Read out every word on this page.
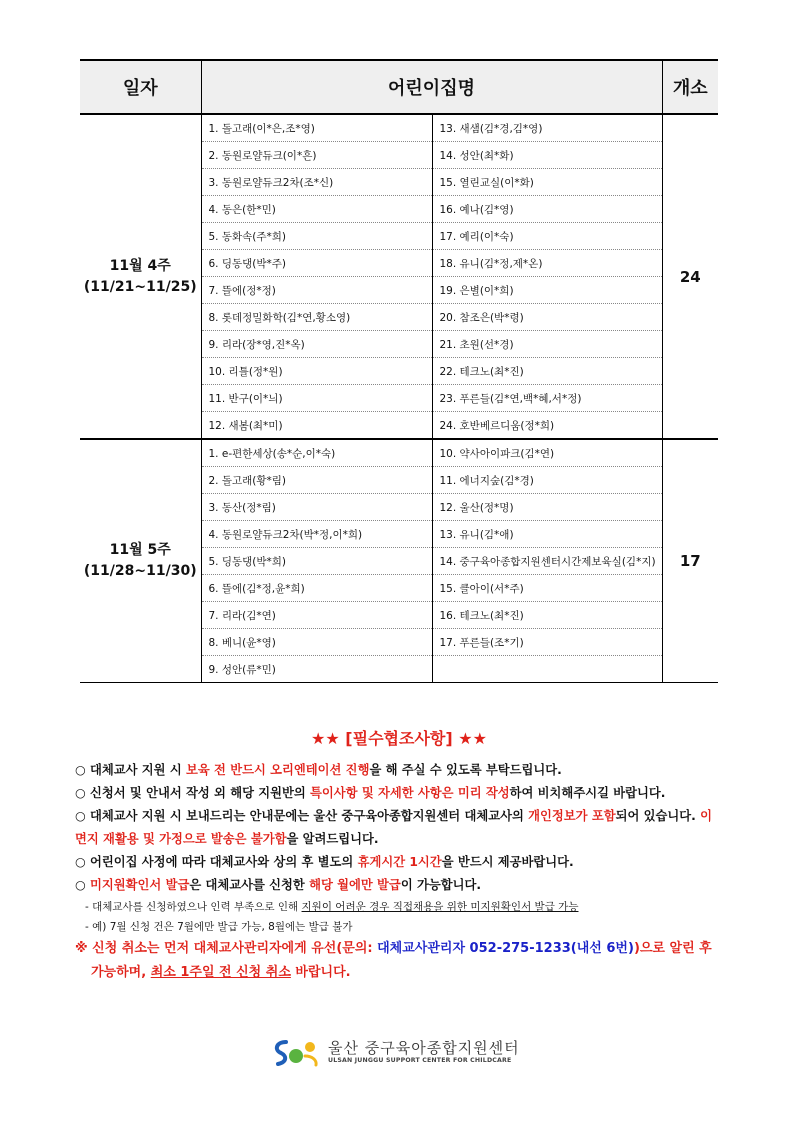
일자	어린이집명		개소

11월 4주
(11/21~11/25)	1. 돌고래(이*은,조*영)	13. 새샘(김*경,김*영)	24
	2. 동원로얄듀크(이*흔)	14. 성안(최*화)	
	3. 동원로얄듀크2차(조*신)	15. 열린교실(이*화)	
	4. 동은(한*민)	16. 예나(김*영)	
	5. 동화속(주*희)	17. 예리(이*숙)	
	6. 딩동댕(박*주)	18. 유니(김*정,제*온)	
	7. 뜰에(정*정)	19. 은별(이*희)	
	8. 롯데정밀화학(김*연,황소영)	20. 참조은(박*령)	
	9. 리라(장*영,진*옥)	21. 초원(선*경)	
	10. 리틀(정*원)	22. 테크노(최*진)	
	11. 반구(이*늬)	23. 푸른들(김*연,백*혜,서*정)	
	12. 새봄(최*미)	24. 호반베르디움(정*희)	

11월 5주
(11/28~11/30)	1. e-편한세상(송*순,이*숙)	10. 약사아이파크(김*연)	17
	2. 돌고래(황*림)	11. 에너지숲(김*경)	
	3. 동산(정*림)	12. 울산(정*명)	
	4. 동원로얄듀크2차(박*정,이*희)	13. 유니(김*애)	
	5. 딩동댕(박*희)	14. 중구육아종합지원센터시간제보육실(김*지)	
	6. 뜰에(김*정,윤*희)	15. 클아이(서*주)	
	7. 리라(김*연)	16. 테크노(최*진)	
	8. 베니(윤*영)	17. 푸른들(조*기)	
	9. 성안(류*민)		
★★ [필수협조사항] ★★

○ 대체교사 지원 시 보육 전 반드시 오리엔테이션 진행을 해 주실 수 있도록 부탁드립니다.

○ 신청서 및 안내서 작성 외 해당 지원반의 특이사항 및 자세한 사항은 미리 작성하여 비치해주시길 바랍니다.

○ 대체교사 지원 시 보내드리는 안내문에는 울산 중구육아종합지원센터 대체교사의 개인정보가 포함되어 있습니다. 이면지 재활용 및 가정으로 발송은 불가함을 알려드립니다.

○ 어린이집 사정에 따라 대체교사와 상의 후 별도의 휴게시간 1시간을 반드시 제공바랍니다.

○ 미지원확인서 발급은 대체교사를 신청한 해당 월에만 발급이 가능합니다.

- 대체교사를 신청하였으나 인력 부족으로 인해 지원이 어려운 경우 직접채용을 위한 미지원확인서 발급 가능

- 예) 7월 신청 건은 7월에만 발급 가능, 8월에는 발급 불가

※ 신청 취소는 먼저 대체교사관리자에게 유선(문의: 대체교사관리자 052-275-1233(내선 6번))으로 알린 후
가능하며, 최소 1주일 전 신청 취소 바랍니다.

울산 중구육아종합지원센터
ULSAN JUNGGU SUPPORT CENTER FOR CHILDCARE
